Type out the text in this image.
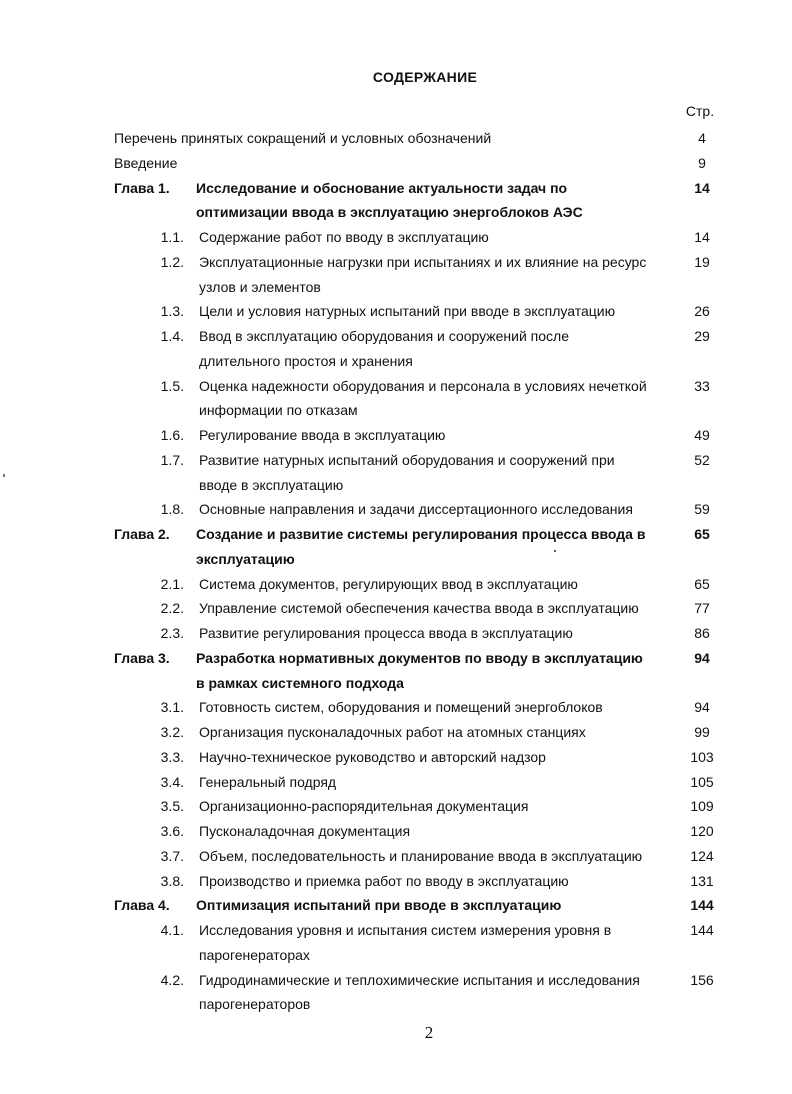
СОДЕРЖАНИЕ
Стр.
Перечень принятых сокращений и условных обозначений	4
Введение	9
Глава 1. Исследование и обоснование актуальности задач по	14
оптимизации ввода в эксплуатацию энергоблоков АЭС
1.1. Содержание работ по вводу в эксплуатацию	14
1.2. Эксплуатационные нагрузки при испытаниях и их влияние на ресурс	19
узлов и элементов
1.3. Цели и условия натурных испытаний при вводе в эксплуатацию	26
1.4. Ввод в эксплуатацию оборудования и сооружений после	29
длительного простоя и хранения
1.5. Оценка надежности оборудования и персонала в условиях нечеткой	33
информации по отказам
1.6. Регулирование ввода в эксплуатацию	49
1.7. Развитие натурных испытаний оборудования и сооружений при	52
вводе в эксплуатацию
1.8. Основные направления и задачи диссертационного исследования	59
Глава 2. Создание и развитие системы регулирования процесса ввода в	65
эксплуатацию
2.1. Система документов, регулирующих ввод в эксплуатацию	65
2.2. Управление системой обеспечения качества ввода в эксплуатацию	77
2.3. Развитие регулирования процесса ввода в эксплуатацию	86
Глава 3. Разработка нормативных документов по вводу в эксплуатацию	94
в рамках системного подхода
3.1. Готовность систем, оборудования и помещений энергоблоков	94
3.2. Организация пусконаладочных работ на атомных станциях	99
3.3. Научно-техническое руководство и авторский надзор	103
3.4. Генеральный подряд	105
3.5. Организационно-распорядительная документация	109
3.6. Пусконаладочная документация	120
3.7. Объем, последовательность и планирование ввода в эксплуатацию	124
3.8. Производство и приемка работ по вводу в эксплуатацию	131
Глава 4. Оптимизация испытаний при вводе в эксплуатацию	144
4.1. Исследования уровня и испытания систем измерения уровня в	144
парогенераторах
4.2. Гидродинамические и теплохимические испытания и исследования	156
парогенераторов
2
